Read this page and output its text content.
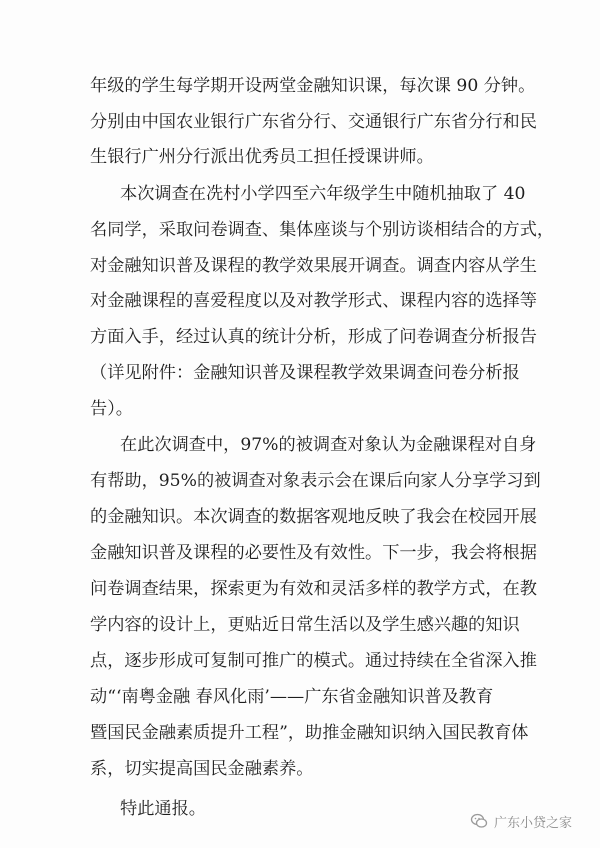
年级的学生每学期开设两堂金融知识课，每次课 90 分钟。
分别由中国农业银行广东省分行、交通银行广东省分行和民
生银行广州分行派出优秀员工担任授课讲师。
本次调查在冼村小学四至六年级学生中随机抽取了 40
名同学，采取问卷调查、集体座谈与个别访谈相结合的方式，
对金融知识普及课程的教学效果展开调查。调查内容从学生
对金融课程的喜爱程度以及对教学形式、课程内容的选择等
方面入手，经过认真的统计分析，形成了问卷调查分析报告
（详见附件：金融知识普及课程教学效果调查问卷分析报
告）。
在此次调查中，97%的被调查对象认为金融课程对自身
有帮助，95%的被调查对象表示会在课后向家人分享学习到
的金融知识。本次调查的数据客观地反映了我会在校园开展
金融知识普及课程的必要性及有效性。下一步，我会将根据
问卷调查结果，探索更为有效和灵活多样的教学方式，在教
学内容的设计上，更贴近日常生活以及学生感兴趣的知识
点，逐步形成可复制可推广的模式。通过持续在全省深入推
动“‘南粤金融 春风化雨’——广东省金融知识普及教育
暨国民金融素质提升工程”，助推金融知识纳入国民教育体
系，切实提高国民金融素养。
特此通报。
广东小贷之家
